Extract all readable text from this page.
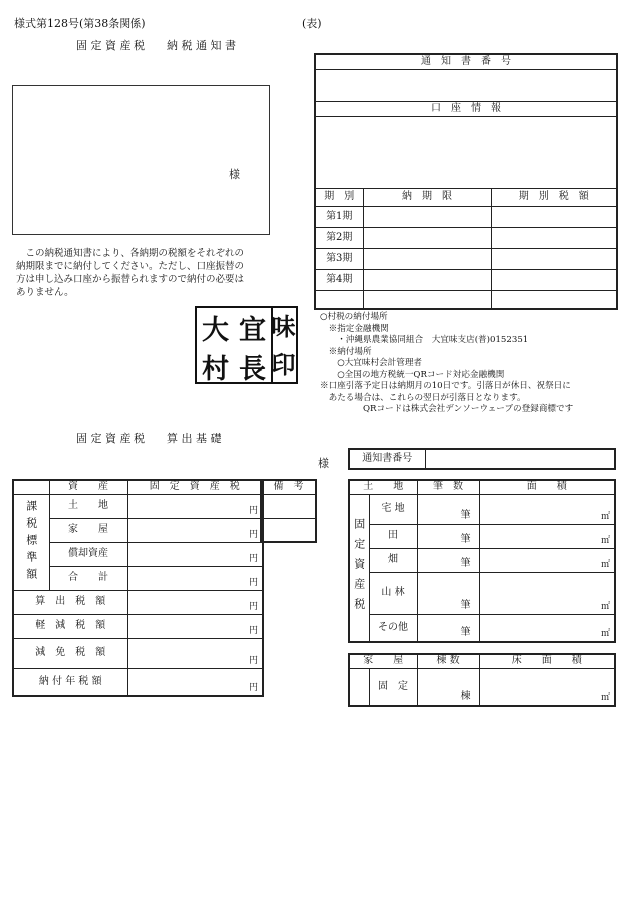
様式第128号(第38条関係)	(表)
固 定 資 産 税　　納 税 通 知 書
様
　この納税通知書により、各納期の税額をそれぞれの
納期限までに納付してください。ただし、口座振替の
方は申し込み口座から振替られますので納付の必要は
ありません。
大 宜
村 長
味
印
通　知　書　番　号		

口　座　情　報		

期　別	納　期　限	期　別　税　額
第1期		
第2期		
第3期		
第4期		

○村税の納付場所
　※指定金融機関
　　・沖縄県農業協同組合　大宜味支店(普)0152351
　※納付場所
　　○大宜味村会計管理者
　　○全国の地方税統一QRコード対応金融機関
※口座引落予定日は納期月の10日です。引落日が休日、祝祭日に
　あたる場合は、これらの翌日が引落日となります。
　　　　　QRコードは株式会社デンソーウェーブの登録商標です
固 定 資 産 税　　算 出 基 礎
様
	資　　産	固　定　資　産　税
課税標準額	土　　地	円

	家　　屋	円

	償却資産	円

	合　　計	円

算　出　税　額		円

軽　減　税　額		円

減　免　税　額		円

納 付 年 税 額		円
備　考

通知書番号	
土　　地		筆　数	面　　積
固定資産税	宅 地	筆	㎡

	田	筆	㎡

	畑	筆	㎡

	山 林	筆	㎡

	その他	筆	㎡
家　　屋		棟 数	床　　面　　積
	固　定	棟	㎡
